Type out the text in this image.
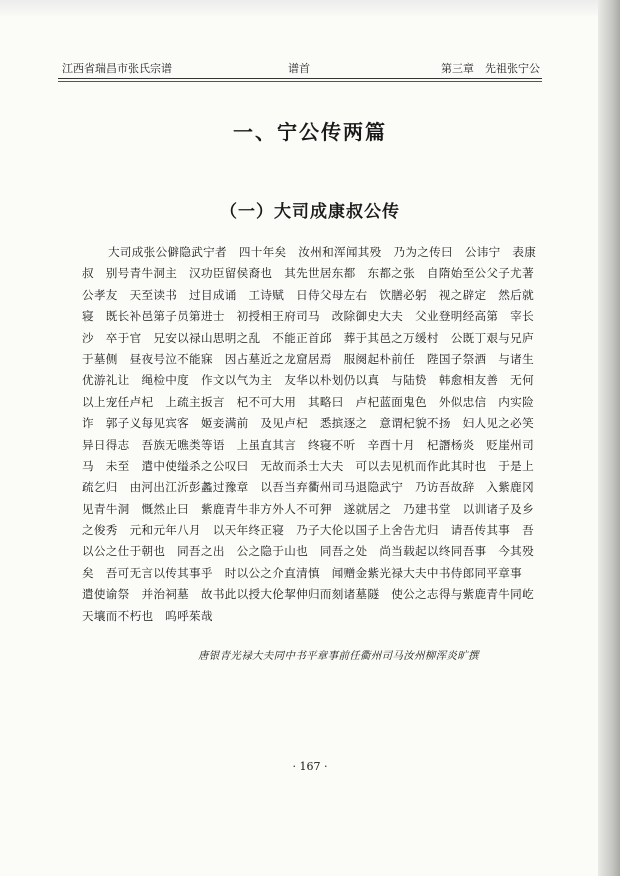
江西省瑞昌市张氏宗谱	谱首	第三章　先祖张宁公
一、宁公传两篇
（一）大司成康叔公传
大司成张公僻隐武宁者　四十年矣　汝州和浑闻其殁　乃为之传曰　公讳宁　表康
叔　别号青牛洞主　汉功臣留侯裔也　其先世居东都　东都之张　自隋始至公父子尤著
公孝友　天至读书　过目成诵　工诗赋　日侍父母左右　饮膳必躬　视之辟定　然后就
寝　既长补邑第子员第进士　初授相王府司马　改除御史大夫　父业登明经高第　宰长
沙　卒于官　兄安以禄山思明之乱　不能正首邱　葬于其邑之万缓村　公既丁艰与兄庐
于墓侧　昼夜号泣不能寐　因占墓近之龙窟居焉　服阕起朴前任　陛国子祭酒　与诸生
优游礼让　绳检中度　作文以气为主　友华以朴划仍以真　与陆贽　韩愈相友善　无何
以上宠任卢杞　上疏主扳言　杞不可大用　其略曰　卢杞蓝面鬼色　外似忠信　内实险
诈　郭子义每见宾客　姬妾满前　及见卢杞　悉摈逐之　意谓杞貌不扬　妇人见之必笑
异日得志　吾族无噍类等语　上虽直其言　终寝不听　辛酉十月　杞譖杨炎　贬崖州司
马　未至　遣中使缢杀之公叹曰　无故而杀士大夫　可以去见机而作此其时也　于是上
疏乞归　由河出江沂彭蠡过豫章　以吾当弃衢州司马退隐武宁　乃访吾故辞　入紫鹿冈
见青牛洞　慨然止曰　紫鹿青牛非方外人不可狎　遂就居之　乃建书堂　以训诸子及乡
之俊秀　元和元年八月　以天年终正寝　乃子大伦以国子上舍告尤归　请吾传其事　吾
以公之仕于朝也　同吾之出　公之隐于山也　同吾之处　尚当载起以终同吾事　今其殁
矣　吾可无言以传其事乎　时以公之介直清慎　闻赠金紫光禄大夫中书侍郎同平章事
遣使谕祭　并治祠墓　故书此以授大伦挈伸归而刻诸墓隧　使公之志得与紫鹿青牛同屹
天壤而不朽也　呜呼茱哉
唐银青光禄大夫同中书平章事前任衢州司马汝州柳浑炎旷撰
· 167 ·
